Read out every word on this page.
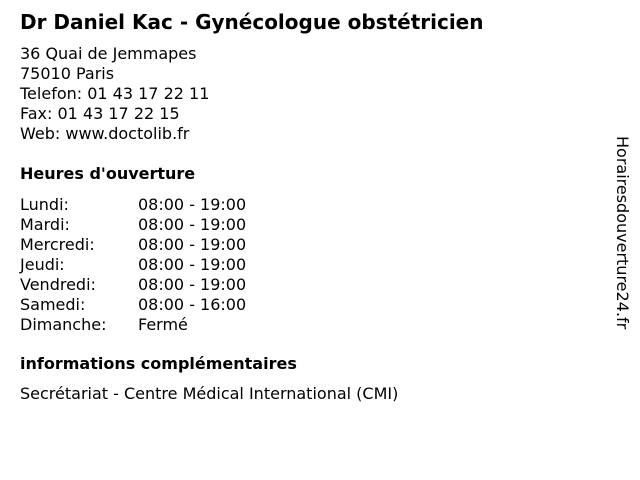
Dr Daniel Kac - Gynécologue obstétricien
36 Quai de Jemmapes
75010 Paris
Telefon: 01 43 17 22 11
Fax: 01 43 17 22 15
Web: www.doctolib.fr
Heures d'ouverture
Lundi:	08:00 - 19:00
Mardi:	08:00 - 19:00
Mercredi:	08:00 - 19:00
Jeudi:	08:00 - 19:00
Vendredi:	08:00 - 19:00
Samedi:	08:00 - 16:00
Dimanche:	Fermé
informations complémentaires
Secrétariat - Centre Médical International (CMI)
Horairesdouverture24.fr
